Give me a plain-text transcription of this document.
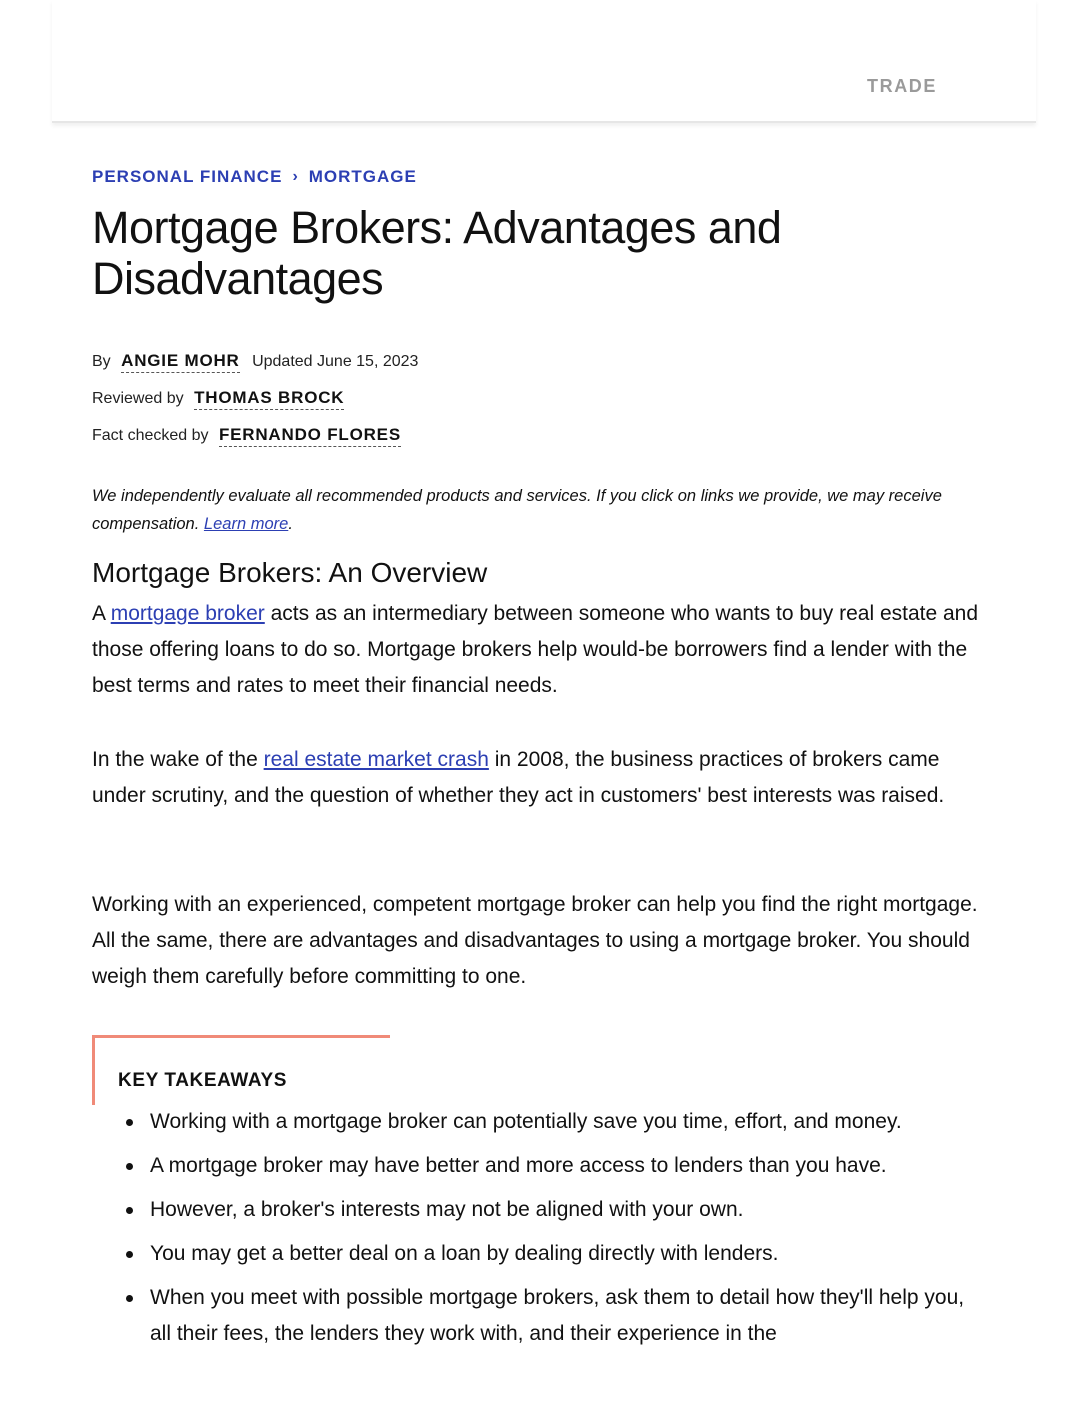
TRADE
PERSONAL FINANCE › MORTGAGE
Mortgage Brokers: Advantages and Disadvantages
By ANGIE MOHR Updated June 15, 2023
Reviewed by THOMAS BROCK
Fact checked by FERNANDO FLORES

We independently evaluate all recommended products and services. If you click on links we provide, we may receive compensation. Learn more.

Mortgage Brokers: An Overview

A mortgage broker acts as an intermediary between someone who wants to buy real estate and those offering loans to do so. Mortgage brokers help would-be borrowers find a lender with the best terms and rates to meet their financial needs.

In the wake of the real estate market crash in 2008, the business practices of brokers came under scrutiny, and the question of whether they act in customers' best interests was raised.

Working with an experienced, competent mortgage broker can help you find the right mortgage. All the same, there are advantages and disadvantages to using a mortgage broker. You should weigh them carefully before committing to one.

KEY TAKEAWAYS
Working with a mortgage broker can potentially save you time, effort, and money.
A mortgage broker may have better and more access to lenders than you have.
However, a broker's interests may not be aligned with your own.
You may get a better deal on a loan by dealing directly with lenders.
When you meet with possible mortgage brokers, ask them to detail how they'll help you, all their fees, the lenders they work with, and their experience in the
